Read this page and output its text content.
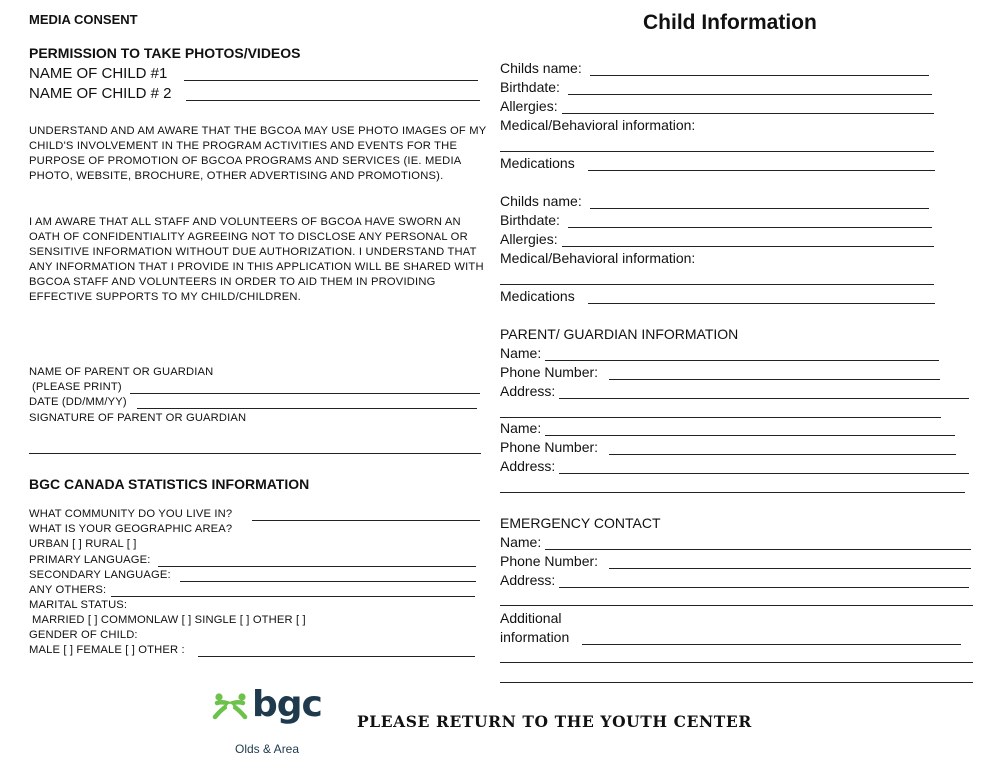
MEDIA CONSENT
PERMISSION TO TAKE PHOTOS/VIDEOS
NAME OF CHILD #1
NAME OF CHILD # 2
UNDERSTAND AND AM AWARE THAT THE BGCOA MAY USE PHOTO IMAGES OF MY CHILD'S INVOLVEMENT IN THE PROGRAM ACTIVITIES AND EVENTS FOR THE PURPOSE OF PROMOTION OF BGCOA PROGRAMS AND SERVICES (IE. MEDIA PHOTO, WEBSITE, BROCHURE, OTHER ADVERTISING AND PROMOTIONS).
I AM AWARE THAT ALL STAFF AND VOLUNTEERS OF BGCOA HAVE SWORN AN OATH OF CONFIDENTIALITY AGREEING NOT TO DISCLOSE ANY PERSONAL OR SENSITIVE INFORMATION WITHOUT DUE AUTHORIZATION. I UNDERSTAND THAT ANY INFORMATION THAT I PROVIDE IN THIS APPLICATION WILL BE SHARED WITH BGCOA STAFF AND VOLUNTEERS IN ORDER TO AID THEM IN PROVIDING EFFECTIVE SUPPORTS TO MY CHILD/CHILDREN.
NAME OF PARENT OR GUARDIAN
(PLEASE PRINT)
DATE (DD/MM/YY)
SIGNATURE OF PARENT OR GUARDIAN
BGC CANADA STATISTICS INFORMATION
WHAT COMMUNITY DO YOU LIVE IN?
WHAT IS YOUR GEOGRAPHIC AREA?
URBAN [ ] RURAL [ ]
PRIMARY LANGUAGE:
SECONDARY LANGUAGE:
ANY OTHERS:
MARITAL STATUS:
MARRIED [ ] COMMONLAW [ ] SINGLE [ ] OTHER [ ]
GENDER OF CHILD:
MALE [ ] FEMALE [ ] OTHER :
Child Information
Childs name:
Birthdate:
Allergies:
Medical/Behavioral information:
Medications
Childs name:
Birthdate:
Allergies:
Medical/Behavioral information:
Medications
PARENT/ GUARDIAN INFORMATION
Name:
Phone Number:
Address:
Name:
Phone Number:
Address:
EMERGENCY CONTACT
Name:
Phone Number:
Address:
Additional
information
bgc
Olds & Area
PLEASE RETURN TO THE YOUTH CENTER
